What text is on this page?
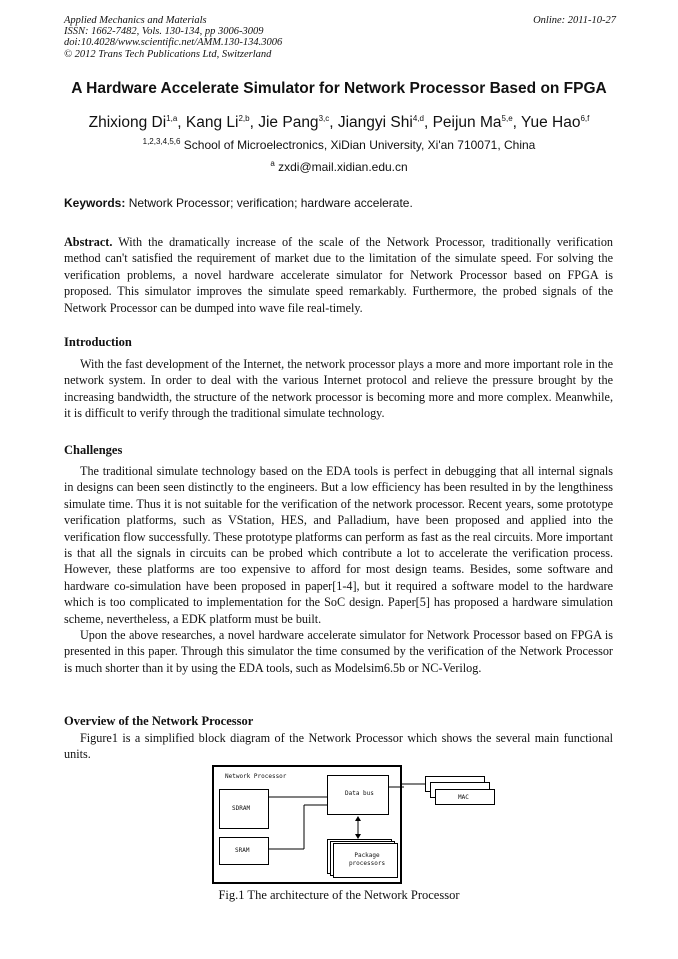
Applied Mechanics and Materials
ISSN: 1662-7482, Vols. 130-134, pp 3006-3009
doi:10.4028/www.scientific.net/AMM.130-134.3006
© 2012 Trans Tech Publications Ltd, Switzerland
Online: 2011-10-27
A Hardware Accelerate Simulator for Network Processor Based on FPGA
Zhixiong Di$^{1,a}$, Kang Li$^{2,b}$, Jie Pang$^{3,c}$, Jiangyi Shi$^{4,d}$, Peijun Ma$^{5,e}$, Yue Hao$^{6,f}$
$^{1,2,3,4,5,6}$ School of Microelectronics, XiDian University, Xi'an 710071, China
$^a$ zxdi@mail.xidian.edu.cn
Keywords: Network Processor; verification; hardware accelerate.

Abstract. With the dramatically increase of the scale of the Network Processor, traditionally verification method can't satisfied the requirement of market due to the limitation of the simulate speed. For solving the verification problems, a novel hardware accelerate simulator for Network Processor based on FPGA is proposed. This simulator improves the simulate speed remarkably. Furthermore, the probed signals of the Network Processor can be dumped into wave file real-timely.

Introduction

With the fast development of the Internet, the network processor plays a more and more important role in the network system. In order to deal with the various Internet protocol and relieve the pressure brought by the increasing bandwidth, the structure of the network processor is becoming more and more complex. Meanwhile, it is difficult to verify through the traditional simulate technology.

Challenges

The traditional simulate technology based on the EDA tools is perfect in debugging that all internal signals in designs can been seen distinctly to the engineers. But a low efficiency has been resulted in by the lengthiness simulate time. Thus it is not suitable for the verification of the network processor. Recent years, some prototype verification platforms, such as VStation, HES, and Palladium, have been proposed and applied into the verification flow successfully. These prototype platforms can perform as fast as the real circuits. More important is that all the signals in circuits can be probed which contribute a lot to accelerate the verification process. However, these platforms are too expensive to afford for most design teams. Besides, some software and hardware co-simulation have been proposed in paper[1-4], but it required a software model to the hardware which is too complicated to implementation for the SoC design. Paper[5] has proposed a hardware simulation scheme, nevertheless, a EDK platform must be built.

Upon the above researches, a novel hardware accelerate simulator for Network Processor based on FPGA is presented in this paper. Through this simulator the time consumed by the verification of the Network Processor is much shorter than it by using the EDA tools, such as Modelsim6.5b or NC-Verilog.

Overview of the Network Processor

Figure1 is a simplified block diagram of the Network Processor which shows the several main functional units.

Network Processor
SDRAM
Data bus
SRAM
Package processors
MAC
Fig.1 The architecture of the Network Processor
